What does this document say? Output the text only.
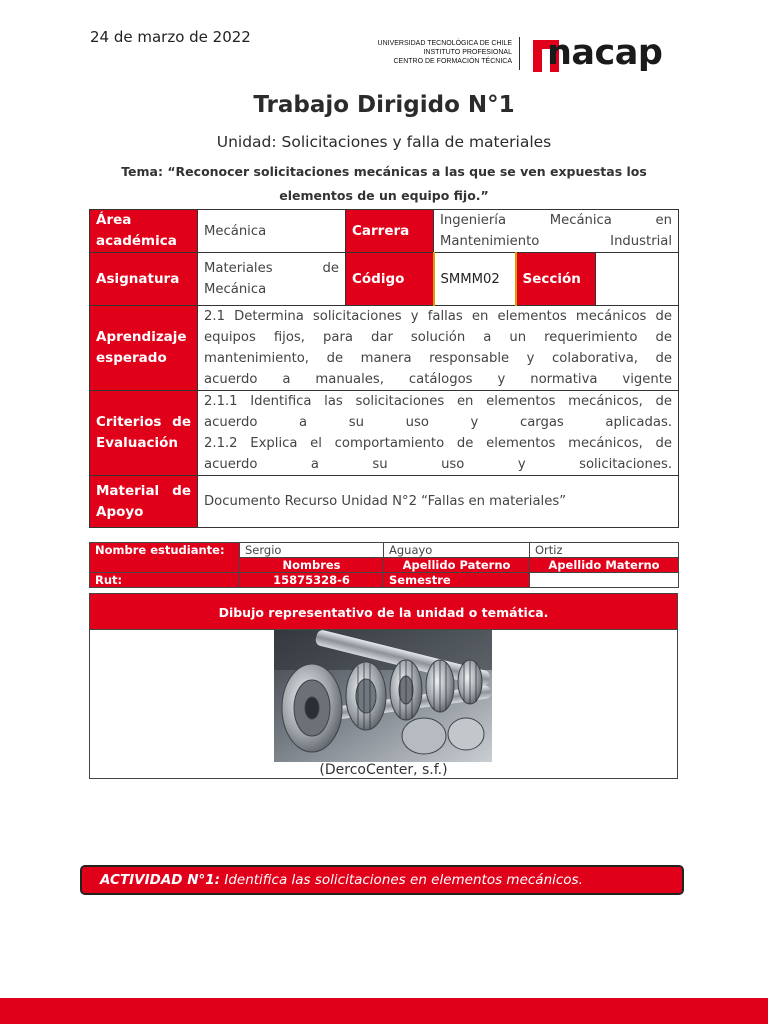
24 de marzo de 2022	UNIVERSIDAD TECNOLÓGICA DE CHILE
INSTITUTO PROFESIONAL
CENTRO DE FORMACIÓN TÉCNICA nacap
Trabajo Dirigido N°1
Unidad: Solicitaciones y falla de materiales
Tema: “Reconocer solicitaciones mecánicas a las que se ven expuestas los
elementos de un equipo fijo.”
Área
académica	Mecánica	Carrera	Ingeniería Mecánica en
Mantenimiento Industrial		

Asignatura	Materiales de
Mecánica	Código	SMMM02	Sección	

Aprendizaje
esperado	2.1 Determina solicitaciones y fallas en elementos mecánicos de
equipos fijos, para dar solución a un requerimiento de
mantenimiento, de manera responsable y colaborativa, de
acuerdo a manuales, catálogos y normativa vigente				

Criterios de
Evaluación	2.1.1 Identifica las solicitaciones en elementos mecánicos, de
acuerdo a su uso y cargas aplicadas.
2.1.2 Explica el comportamiento de elementos mecánicos, de
acuerdo a su uso y solicitaciones.				

Material de
Apoyo	Documento Recurso Unidad N°2 “Fallas en materiales”				
Nombre estudiante:	Sergio	Aguayo	Ortiz
	Nombres	Apellido Paterno	Apellido Materno
Rut:	15875328-6	Semestre	
Dibujo representativo de la unidad o temática.
(DercoCenter, s.f.)
ACTIVIDAD N°1: Identifica las solicitaciones en elementos mecánicos.
